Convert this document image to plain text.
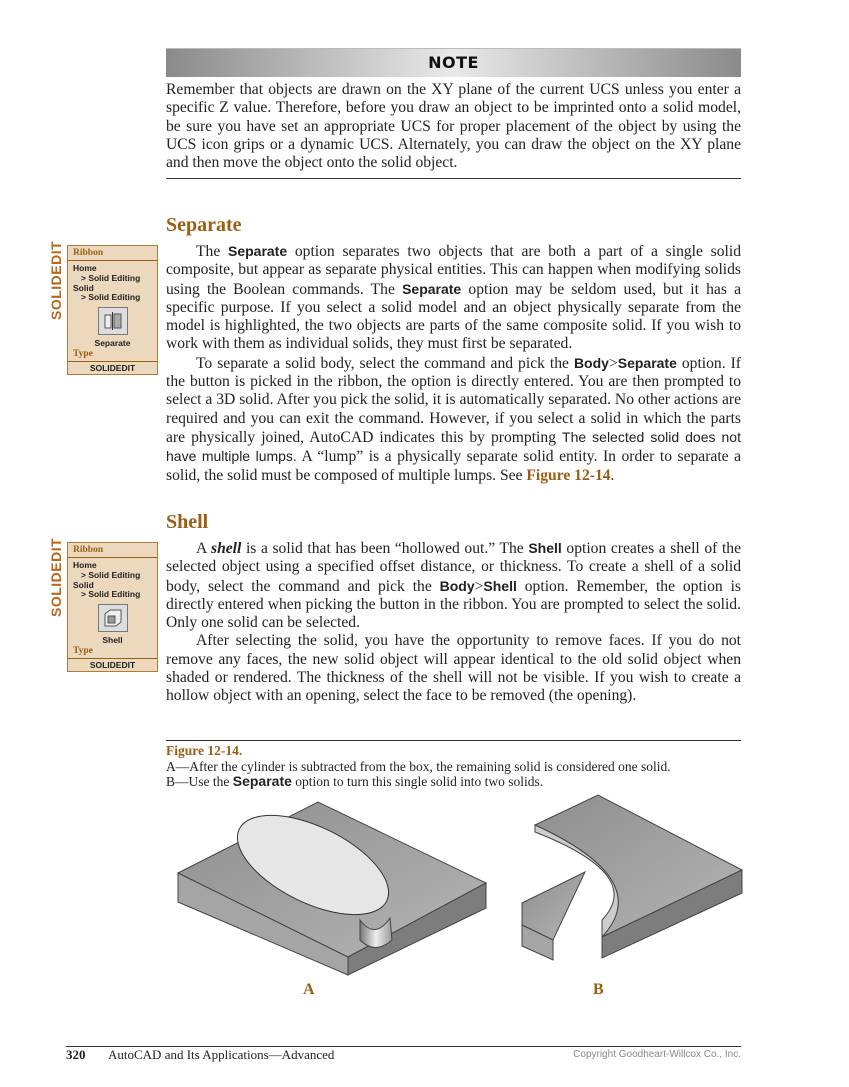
NOTE

Remember that objects are drawn on the XY plane of the current UCS unless you enter a specific Z value. Therefore, before you draw an object to be imprinted onto a solid model, be sure you have set an appropriate UCS for proper placement of the object by using the UCS icon grips or a dynamic UCS. Alternately, you can draw the object on the XY plane and then move the object onto the solid object.

Separate

The Separate option separates two objects that are both a part of a single solid composite, but appear as separate physical entities. This can happen when modifying solids using the Boolean commands. The Separate option may be seldom used, but it has a specific purpose. If you select a solid model and an object physically separate from the model is highlighted, the two objects are parts of the same composite solid. If you wish to work with them as individual solids, they must first be separated.

To separate a solid body, select the command and pick the Body>Separate option. If the button is picked in the ribbon, the option is directly entered. You are then prompted to select a 3D solid. After you pick the solid, it is automatically separated. No other actions are required and you can exit the command. However, if you select a solid in which the parts are physically joined, AutoCAD indicates this by prompting The selected solid does not have multiple lumps. A “lump” is a physically separate solid entity. In order to separate a solid, the solid must be composed of multiple lumps. See Figure 12-14.

SOLIDEDIT Ribbon
Home
> Solid Editing
Solid
> Solid Editing
Separate
Type
SOLIDEDIT
Shell

A shell is a solid that has been “hollowed out.” The Shell option creates a shell of the selected object using a specified offset distance, or thickness. To create a shell of a solid body, select the command and pick the Body>Shell option. Remember, the option is directly entered when picking the button in the ribbon. You are prompted to select the solid. Only one solid can be selected.

After selecting the solid, you have the opportunity to remove faces. If you do not remove any faces, the new solid object will appear identical to the old solid object when shaded or rendered. The thickness of the shell will not be visible. If you wish to create a hollow object with an opening, select the face to be removed (the opening).

SOLIDEDIT Ribbon
Home
> Solid Editing
Solid
> Solid Editing
Shell
Type
SOLIDEDIT
Figure 12-14.
A—After the cylinder is subtracted from the box, the remaining solid is considered one solid.
B—Use the Separate option to turn this single solid into two solids.
A	B
320 AutoCAD and Its Applications—Advanced	Copyright Goodheart-Willcox Co., Inc.
